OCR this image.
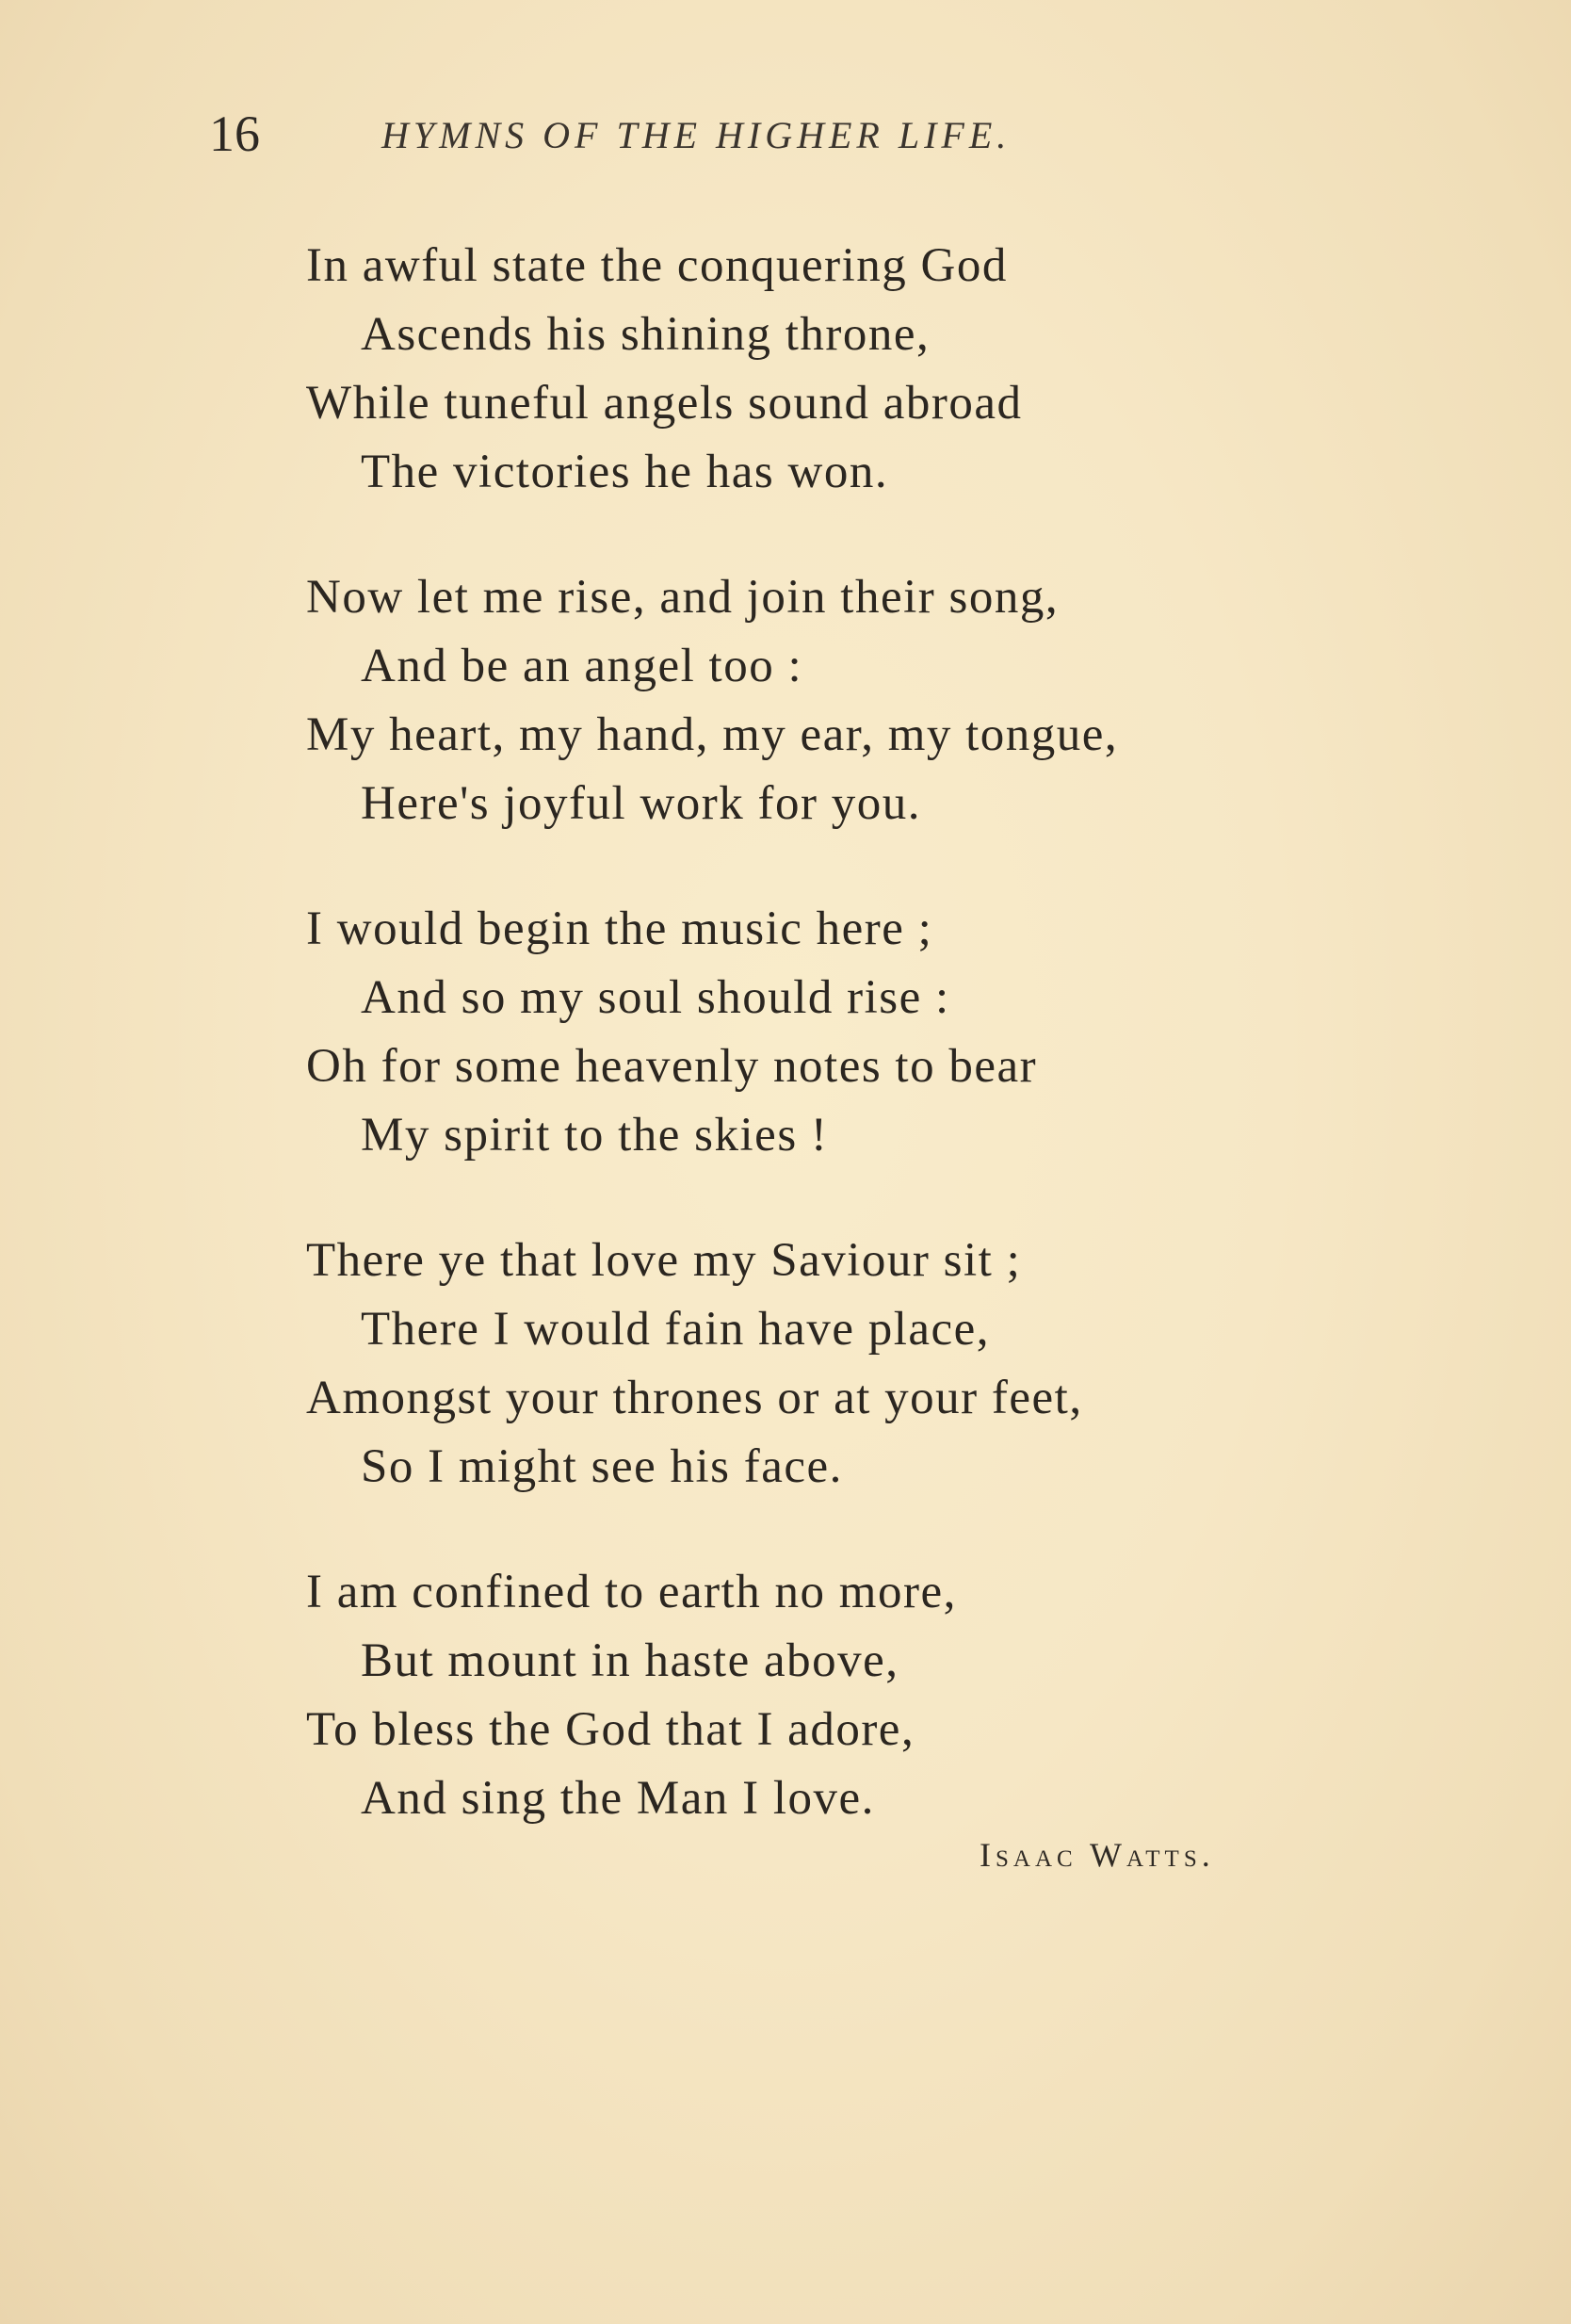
16	HYMNS OF THE HIGHER LIFE.
In awful state the conquering God
Ascends his shining throne,
While tuneful angels sound abroad
The victories he has won.
Now let me rise, and join their song,
And be an angel too :
My heart, my hand, my ear, my tongue,
Here's joyful work for you.
I would begin the music here ;
And so my soul should rise :
Oh for some heavenly notes to bear
My spirit to the skies !
There ye that love my Saviour sit ;
There I would fain have place,
Amongst your thrones or at your feet,
So I might see his face.
I am confined to earth no more,
But mount in haste above,
To bless the God that I adore,
And sing the Man I love.
Isaac Watts.
